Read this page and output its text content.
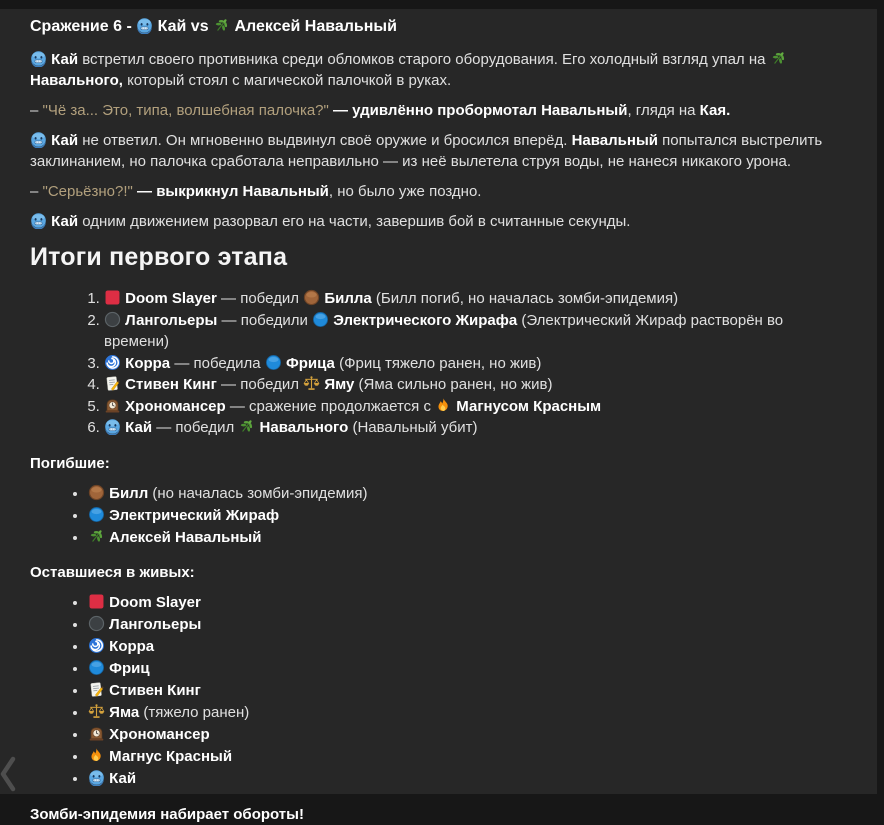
Сражение 6 -
Кай vs
Алексей Навальный

Кай встретил своего противника среди обломков старого оборудования. Его холодный взгляд упал на
Навального, который стоял с магической палочкой в руках.

– "Чё за... Это, типа, волшебная палочка?" — удивлённо пробормотал Навальный, глядя на Кая.

Кай не ответил. Он мгновенно выдвинул своё оружие и бросился вперёд. Навальный попытался выстрелить заклинанием, но палочка сработала неправильно — из неё вылетела струя воды, не нанеся никакого урона.

– "Серьёзно?!" — выкрикнул Навальный, но было уже поздно.

Кай одним движением разорвал его на части, завершив бой в считанные секунды.

Итоги первого этапа
1. Doom Slayer — победил
Билла (Билл погиб, но началась зомби-эпидемия)
2. Лангольеры — победили
Электрического Жирафа (Электрический Жираф растворён во времени)
3. Корра — победила
Фрица (Фриц тяжело ранен, но жив)
4. Стивен Кинг — победил
Яму (Яма сильно ранен, но жив)
5. Хрономансер — сражение продолжается с
Магнусом Красным
6. Кай — победил
Навального (Навальный убит)

Погибшие:

• Билл (но началась зомби-эпидемия)
• Электрический Жираф
• Алексей Навальный

Оставшиеся в живых:

• Doom Slayer
• Лангольеры
• Корра
• Фриц
• Стивен Кинг
• Яма (тяжело ранен)
• Хрономансер
• Магнус Красный
• Кай

Зомби-эпидемия набирает обороты!
